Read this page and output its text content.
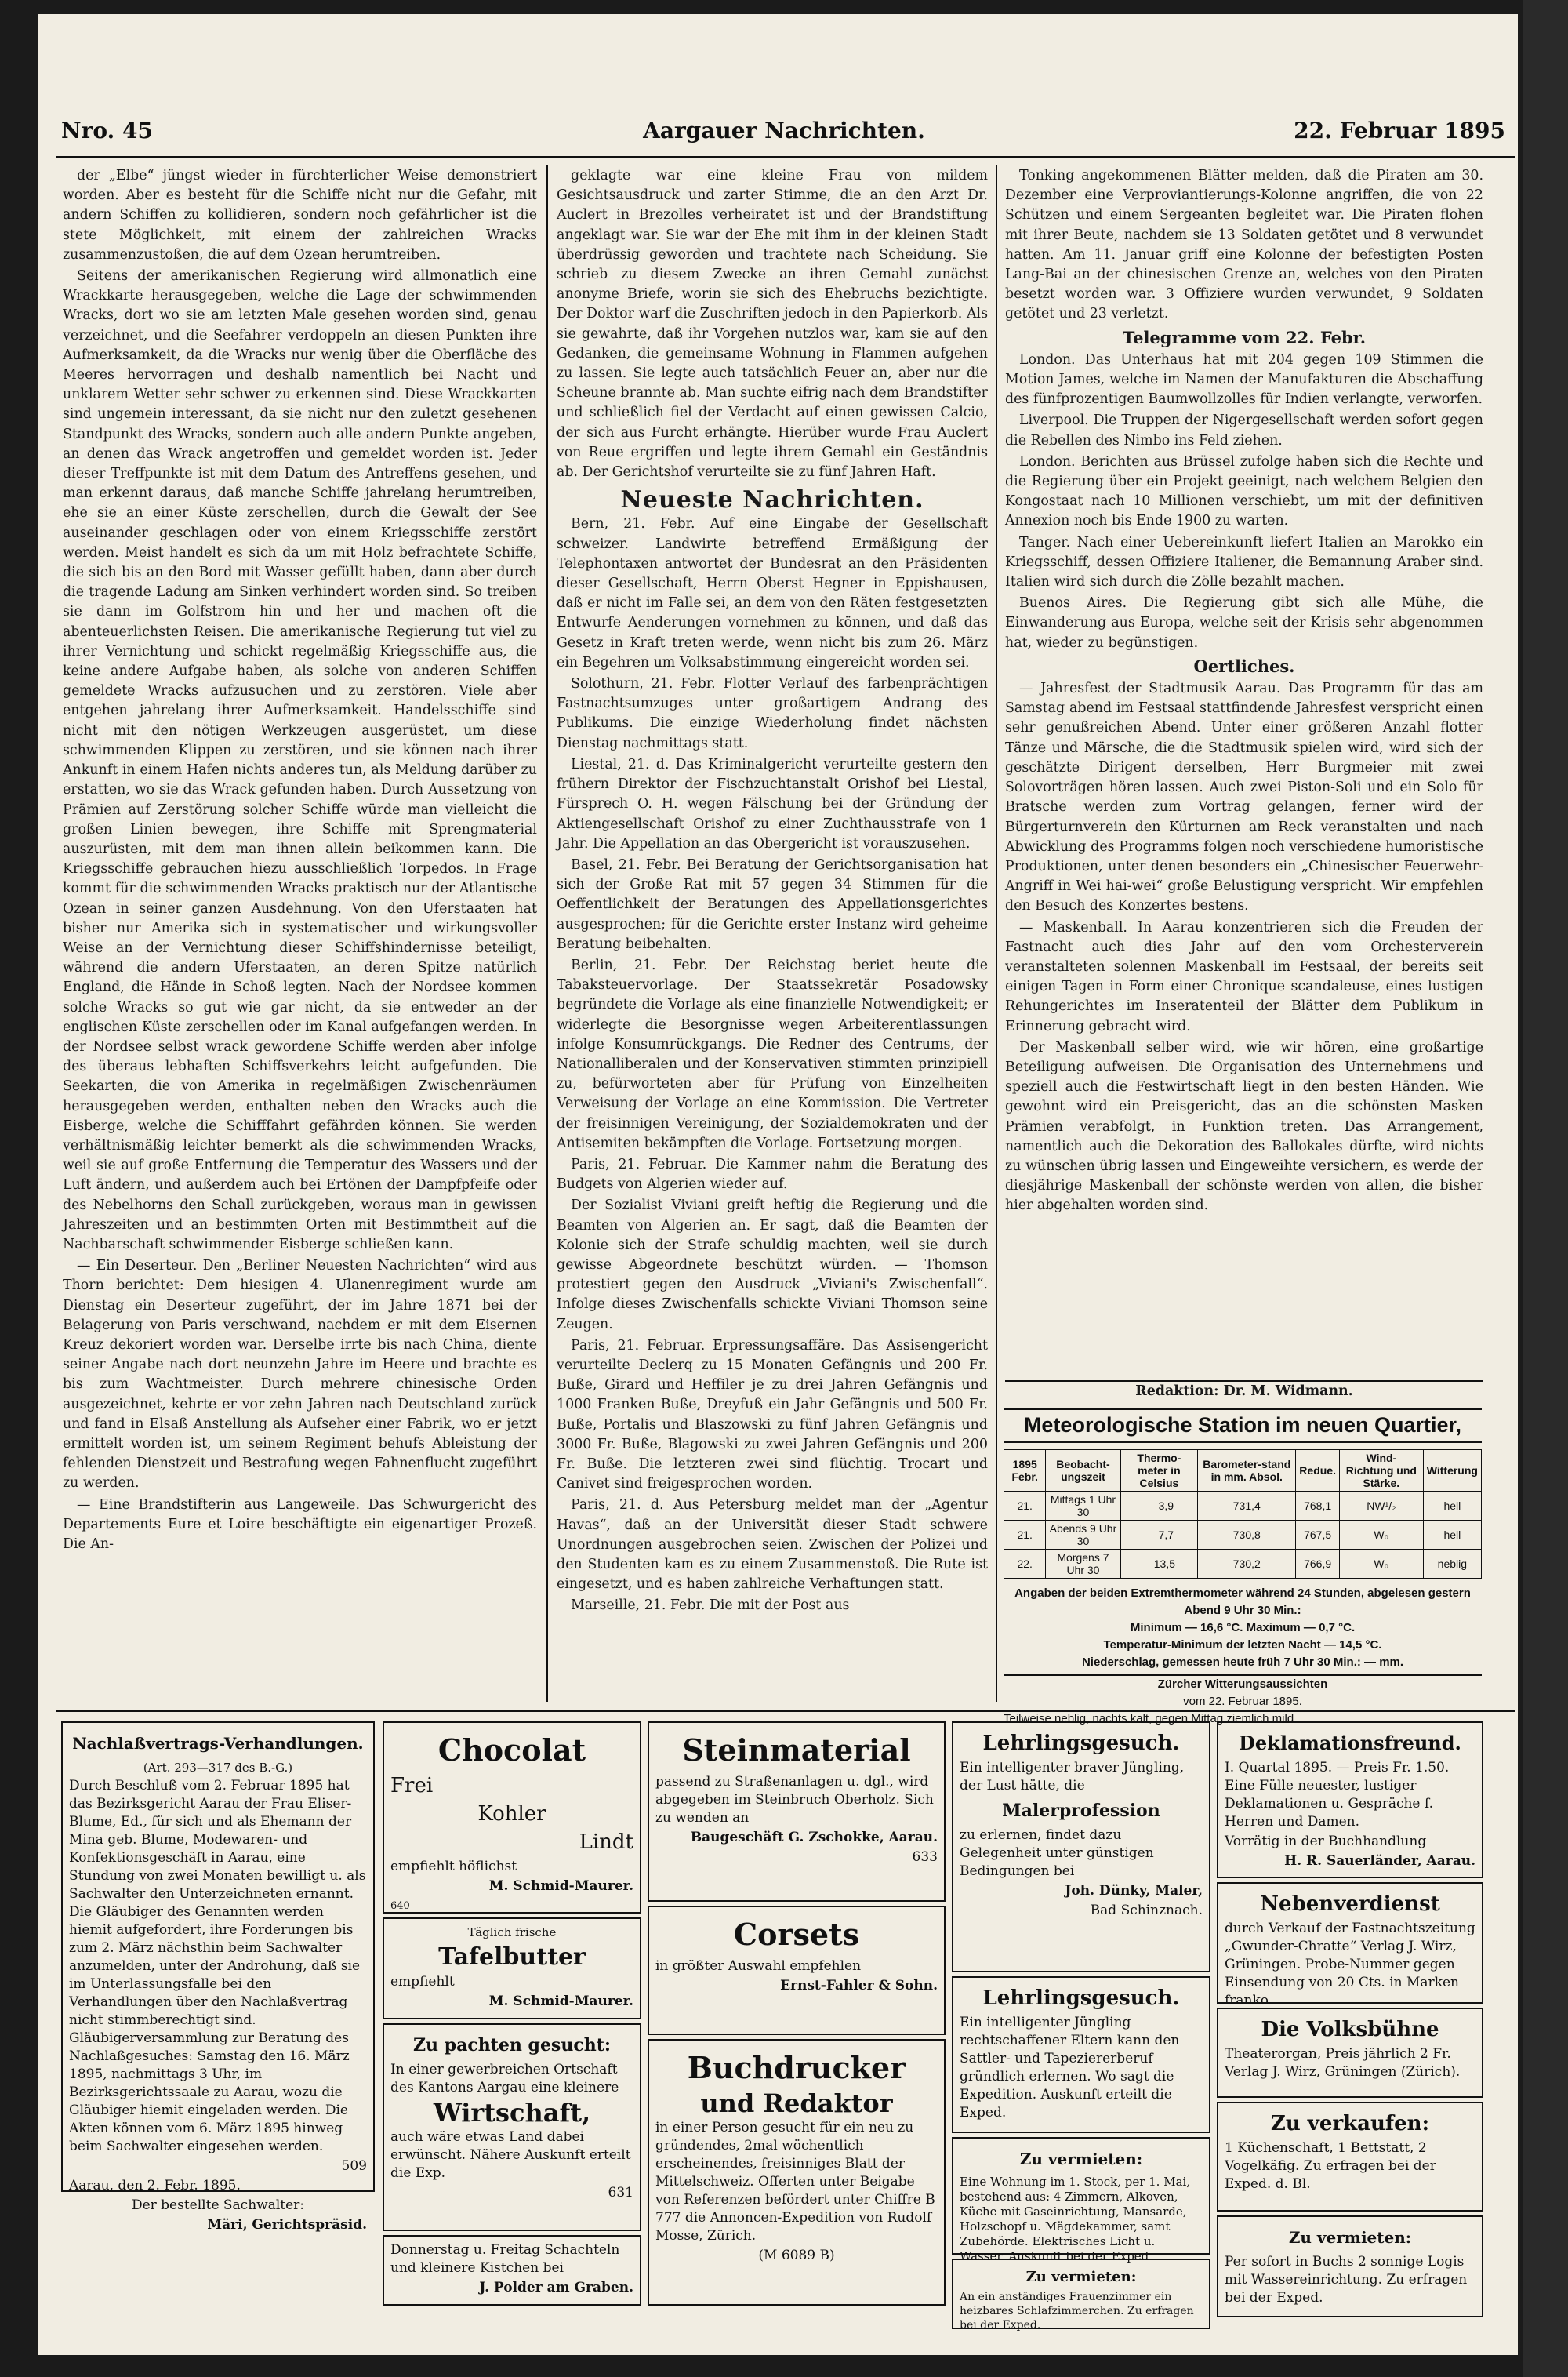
Nro. 45	Aargauer Nachrichten.	22. Februar 1895

der „Elbe“ jüngst wieder in fürchterlicher Weise demonstriert worden. Aber es besteht für die Schiffe nicht nur die Gefahr, mit andern Schiffen zu kollidieren, sondern noch gefährlicher ist die stete Möglichkeit, mit einem der zahlreichen Wracks zusammenzustoßen, die auf dem Ozean herumtreiben.

Seitens der amerikanischen Regierung wird allmonatlich eine Wrackkarte herausgegeben, welche die Lage der schwimmenden Wracks, dort wo sie am letzten Male gesehen worden sind, genau verzeichnet, und die Seefahrer verdoppeln an diesen Punkten ihre Aufmerksamkeit, da die Wracks nur wenig über die Oberfläche des Meeres hervorragen und deshalb namentlich bei Nacht und unklarem Wetter sehr schwer zu erkennen sind. Diese Wrackkarten sind ungemein interessant, da sie nicht nur den zuletzt gesehenen Standpunkt des Wracks, sondern auch alle andern Punkte angeben, an denen das Wrack angetroffen und gemeldet worden ist. Jeder dieser Treffpunkte ist mit dem Datum des Antreffens gesehen, und man erkennt daraus, daß manche Schiffe jahrelang herumtreiben, ehe sie an einer Küste zerschellen, durch die Gewalt der See auseinander geschlagen oder von einem Kriegsschiffe zerstört werden. Meist handelt es sich da um mit Holz befrachtete Schiffe, die sich bis an den Bord mit Wasser gefüllt haben, dann aber durch die tragende Ladung am Sinken verhindert worden sind. So treiben sie dann im Golfstrom hin und her und machen oft die abenteuerlichsten Reisen. Die amerikanische Regierung tut viel zu ihrer Vernichtung und schickt regelmäßig Kriegsschiffe aus, die keine andere Aufgabe haben, als solche von anderen Schiffen gemeldete Wracks aufzusuchen und zu zerstören. Viele aber entgehen jahrelang ihrer Aufmerksamkeit. Handelsschiffe sind nicht mit den nötigen Werkzeugen ausgerüstet, um diese schwimmenden Klippen zu zerstören, und sie können nach ihrer Ankunft in einem Hafen nichts anderes tun, als Meldung darüber zu erstatten, wo sie das Wrack gefunden haben. Durch Aussetzung von Prämien auf Zerstörung solcher Schiffe würde man vielleicht die großen Linien bewegen, ihre Schiffe mit Sprengmaterial auszurüsten, mit dem man ihnen allein beikommen kann. Die Kriegsschiffe gebrauchen hiezu ausschließlich Torpedos. In Frage kommt für die schwimmenden Wracks praktisch nur der Atlantische Ozean in seiner ganzen Ausdehnung. Von den Uferstaaten hat bisher nur Amerika sich in systematischer und wirkungsvoller Weise an der Vernichtung dieser Schiffshindernisse beteiligt, während die andern Uferstaaten, an deren Spitze natürlich England, die Hände in Schoß legten. Nach der Nordsee kommen solche Wracks so gut wie gar nicht, da sie entweder an der englischen Küste zerschellen oder im Kanal aufgefangen werden. In der Nordsee selbst wrack gewordene Schiffe werden aber infolge des überaus lebhaften Schiffsverkehrs leicht aufgefunden. Die Seekarten, die von Amerika in regelmäßigen Zwischenräumen herausgegeben werden, enthalten neben den Wracks auch die Eisberge, welche die Schifffahrt gefährden können. Sie werden verhältnismäßig leichter bemerkt als die schwimmenden Wracks, weil sie auf große Entfernung die Temperatur des Wassers und der Luft ändern, und außerdem auch bei Ertönen der Dampfpfeife oder des Nebelhorns den Schall zurückgeben, woraus man in gewissen Jahreszeiten und an bestimmten Orten mit Bestimmtheit auf die Nachbarschaft schwimmender Eisberge schließen kann.

— Ein Deserteur. Den „Berliner Neuesten Nachrichten“ wird aus Thorn berichtet: Dem hiesigen 4. Ulanenregiment wurde am Dienstag ein Deserteur zugeführt, der im Jahre 1871 bei der Belagerung von Paris verschwand, nachdem er mit dem Eisernen Kreuz dekoriert worden war. Derselbe irrte bis nach China, diente seiner Angabe nach dort neunzehn Jahre im Heere und brachte es bis zum Wachtmeister. Durch mehrere chinesische Orden ausgezeichnet, kehrte er vor zehn Jahren nach Deutschland zurück und fand in Elsaß Anstellung als Aufseher einer Fabrik, wo er jetzt ermittelt worden ist, um seinem Regiment behufs Ableistung der fehlenden Dienstzeit und Bestrafung wegen Fahnenflucht zugeführt zu werden.

— Eine Brandstifterin aus Langeweile. Das Schwurgericht des Departements Eure et Loire beschäftigte ein eigenartiger Prozeß. Die An-

geklagte war eine kleine Frau von mildem Gesichtsausdruck und zarter Stimme, die an den Arzt Dr. Auclert in Brezolles verheiratet ist und der Brandstiftung angeklagt war. Sie war der Ehe mit ihm in der kleinen Stadt überdrüssig geworden und trachtete nach Scheidung. Sie schrieb zu diesem Zwecke an ihren Gemahl zunächst anonyme Briefe, worin sie sich des Ehebruchs bezichtigte. Der Doktor warf die Zuschriften jedoch in den Papierkorb. Als sie gewahrte, daß ihr Vorgehen nutzlos war, kam sie auf den Gedanken, die gemeinsame Wohnung in Flammen aufgehen zu lassen. Sie legte auch tatsächlich Feuer an, aber nur die Scheune brannte ab. Man suchte eifrig nach dem Brandstifter und schließlich fiel der Verdacht auf einen gewissen Calcio, der sich aus Furcht erhängte. Hierüber wurde Frau Auclert von Reue ergriffen und legte ihrem Gemahl ein Geständnis ab. Der Gerichtshof verurteilte sie zu fünf Jahren Haft.

Neueste Nachrichten.

Bern, 21. Febr. Auf eine Eingabe der Gesellschaft schweizer. Landwirte betreffend Ermäßigung der Telephontaxen antwortet der Bundesrat an den Präsidenten dieser Gesellschaft, Herrn Oberst Hegner in Eppishausen, daß er nicht im Falle sei, an dem von den Räten festgesetzten Entwurfe Aenderungen vornehmen zu können, und daß das Gesetz in Kraft treten werde, wenn nicht bis zum 26. März ein Begehren um Volksabstimmung eingereicht worden sei.

Solothurn, 21. Febr. Flotter Verlauf des farbenprächtigen Fastnachtsumzuges unter großartigem Andrang des Publikums. Die einzige Wiederholung findet nächsten Dienstag nachmittags statt.

Liestal, 21. d. Das Kriminalgericht verurteilte gestern den frühern Direktor der Fischzuchtanstalt Orishof bei Liestal, Fürsprech O. H. wegen Fälschung bei der Gründung der Aktiengesellschaft Orishof zu einer Zuchthausstrafe von 1 Jahr. Die Appellation an das Obergericht ist vorauszusehen.

Basel, 21. Febr. Bei Beratung der Gerichtsorganisation hat sich der Große Rat mit 57 gegen 34 Stimmen für die Oeffentlichkeit der Beratungen des Appellationsgerichtes ausgesprochen; für die Gerichte erster Instanz wird geheime Beratung beibehalten.

Berlin, 21. Febr. Der Reichstag beriet heute die Tabaksteuervorlage. Der Staatssekretär Posadowsky begründete die Vorlage als eine finanzielle Notwendigkeit; er widerlegte die Besorgnisse wegen Arbeiterentlassungen infolge Konsumrückgangs. Die Redner des Centrums, der Nationalliberalen und der Konservativen stimmten prinzipiell zu, befürworteten aber für Prüfung von Einzelheiten Verweisung der Vorlage an eine Kommission. Die Vertreter der freisinnigen Vereinigung, der Sozialdemokraten und der Antisemiten bekämpften die Vorlage. Fortsetzung morgen.

Paris, 21. Februar. Die Kammer nahm die Beratung des Budgets von Algerien wieder auf.

Der Sozialist Viviani greift heftig die Regierung und die Beamten von Algerien an. Er sagt, daß die Beamten der Kolonie sich der Strafe schuldig machten, weil sie durch gewisse Abgeordnete beschützt würden. — Thomson protestiert gegen den Ausdruck „Viviani's Zwischenfall“. Infolge dieses Zwischenfalls schickte Viviani Thomson seine Zeugen.

Paris, 21. Februar. Erpressungsaffäre. Das Assisengericht verurteilte Declerq zu 15 Monaten Gefängnis und 200 Fr. Buße, Girard und Heffiler je zu drei Jahren Gefängnis und 1000 Franken Buße, Dreyfuß ein Jahr Gefängnis und 500 Fr. Buße, Portalis und Blaszowski zu fünf Jahren Gefängnis und 3000 Fr. Buße, Blagowski zu zwei Jahren Gefängnis und 200 Fr. Buße. Die letzteren zwei sind flüchtig. Trocart und Canivet sind freigesprochen worden.

Paris, 21. d. Aus Petersburg meldet man der „Agentur Havas“, daß an der Universität dieser Stadt schwere Unordnungen ausgebrochen seien. Zwischen der Polizei und den Studenten kam es zu einem Zusammenstoß. Die Rute ist eingesetzt, und es haben zahlreiche Verhaftungen statt.

Marseille, 21. Febr. Die mit der Post aus

Tonking angekommenen Blätter melden, daß die Piraten am 30. Dezember eine Verproviantierungs-Kolonne angriffen, die von 22 Schützen und einem Sergeanten begleitet war. Die Piraten flohen mit ihrer Beute, nachdem sie 13 Soldaten getötet und 8 verwundet hatten. Am 11. Januar griff eine Kolonne der befestigten Posten Lang-Bai an der chinesischen Grenze an, welches von den Piraten besetzt worden war. 3 Offiziere wurden verwundet, 9 Soldaten getötet und 23 verletzt.

Telegramme vom 22. Febr.

London. Das Unterhaus hat mit 204 gegen 109 Stimmen die Motion James, welche im Namen der Manufakturen die Abschaffung des fünfprozentigen Baumwollzolles für Indien verlangte, verworfen.

Liverpool. Die Truppen der Nigergesellschaft werden sofort gegen die Rebellen des Nimbo ins Feld ziehen.

London. Berichten aus Brüssel zufolge haben sich die Rechte und die Regierung über ein Projekt geeinigt, nach welchem Belgien den Kongostaat nach 10 Millionen verschiebt, um mit der definitiven Annexion noch bis Ende 1900 zu warten.

Tanger. Nach einer Uebereinkunft liefert Italien an Marokko ein Kriegsschiff, dessen Offiziere Italiener, die Bemannung Araber sind. Italien wird sich durch die Zölle bezahlt machen.

Buenos Aires. Die Regierung gibt sich alle Mühe, die Einwanderung aus Europa, welche seit der Krisis sehr abgenommen hat, wieder zu begünstigen.

Oertliches.

— Jahresfest der Stadtmusik Aarau. Das Programm für das am Samstag abend im Festsaal stattfindende Jahresfest verspricht einen sehr genußreichen Abend. Unter einer größeren Anzahl flotter Tänze und Märsche, die die Stadtmusik spielen wird, wird sich der geschätzte Dirigent derselben, Herr Burgmeier mit zwei Solovorträgen hören lassen. Auch zwei Piston-Soli und ein Solo für Bratsche werden zum Vortrag gelangen, ferner wird der Bürgerturnverein den Kürturnen am Reck veranstalten und nach Abwicklung des Programms folgen noch verschiedene humoristische Produktionen, unter denen besonders ein „Chinesischer Feuerwehr-Angriff in Wei hai-wei“ große Belustigung verspricht. Wir empfehlen den Besuch des Konzertes bestens.

— Maskenball. In Aarau konzentrieren sich die Freuden der Fastnacht auch dies Jahr auf den vom Orchesterverein veranstalteten solennen Maskenball im Festsaal, der bereits seit einigen Tagen in Form einer Chronique scandaleuse, eines lustigen Rehungerichtes im Inseratenteil der Blätter dem Publikum in Erinnerung gebracht wird.

Der Maskenball selber wird, wie wir hören, eine großartige Beteiligung aufweisen. Die Organisation des Unternehmens und speziell auch die Festwirtschaft liegt in den besten Händen. Wie gewohnt wird ein Preisgericht, das an die schönsten Masken Prämien verabfolgt, in Funktion treten. Das Arrangement, namentlich auch die Dekoration des Ballokales dürfte, wird nichts zu wünschen übrig lassen und Eingeweihte versichern, es werde der diesjährige Maskenball der schönste werden von allen, die bisher hier abgehalten worden sind.

Redaktion: Dr. M. Widmann.

Meteorologische Station im neuen Quartier,
1895 Febr.	Beobacht-ungszeit	Thermo-meter in Celsius	Barometer-stand in mm. Absol.	Redue.	Wind-Richtung und Stärke.	Witterung
21.	Mittags 1 Uhr 30	— 3,9	731,4	768,1	NW¹/₂	hell
21.	Abends 9 Uhr 30	— 7,7	730,8	767,5	W₀	hell
22.	Morgens 7 Uhr 30	—13,5	730,2	766,9	W₀	neblig
Angaben der beiden Extremthermometer während 24 Stunden, abgelesen gestern Abend 9 Uhr 30 Min.:
Minimum — 16,6 °C. Maximum — 0,7 °C.
Temperatur-Minimum der letzten Nacht — 14,5 °C.
Niederschlag, gemessen heute früh 7 Uhr 30 Min.: — mm.
Zürcher Witterungsaussichten
vom 22. Februar 1895.
Teilweise neblig, nachts kalt, gegen Mittag ziemlich mild.
Nachlaßvertrags-Verhandlungen.
(Art. 293—317 des B.-G.)

Durch Beschluß vom 2. Februar 1895 hat das Bezirksgericht Aarau der Frau Eliser-Blume, Ed., für sich und als Ehemann der Mina geb. Blume, Modewaren- und Konfektionsgeschäft in Aarau, eine Stundung von zwei Monaten bewilligt u. als Sachwalter den Unterzeichneten ernannt. Die Gläubiger des Genannten werden hiemit aufgefordert, ihre Forderungen bis zum 2. März nächsthin beim Sachwalter anzumelden, unter der Androhung, daß sie im Unterlassungsfalle bei den Verhandlungen über den Nachlaßvertrag nicht stimmberechtigt sind. Gläubigerversammlung zur Beratung des Nachlaßgesuches: Samstag den 16. März 1895, nachmittags 3 Uhr, im Bezirksgerichtssaale zu Aarau, wozu die Gläubiger hiemit eingeladen werden. Die Akten können vom 6. März 1895 hinweg beim Sachwalter eingesehen werden.

509

Aarau, den 2. Febr. 1895.

Der bestellte Sachwalter:

Märi, Gerichtspräsid.

Chocolat
Frei
Kohler
Lindt

empfiehlt höflichst

M. Schmid-Maurer.

640

Täglich frische
Tafelbutter

empfiehlt

M. Schmid-Maurer.

Zu pachten gesucht:

In einer gewerbreichen Ortschaft des Kantons Aargau eine kleinere

Wirtschaft,

auch wäre etwas Land dabei erwünscht. Nähere Auskunft erteilt die Exp.

631

Donnerstag u. Freitag Schachteln und kleinere Kistchen bei

J. Polder am Graben.

Steinmaterial

passend zu Straßenanlagen u. dgl., wird abgegeben im Steinbruch Oberholz. Sich zu wenden an

Baugeschäft G. Zschokke, Aarau.

633

Corsets

in größter Auswahl empfehlen

Ernst-Fahler & Sohn.

Buchdrucker
und Redaktor

in einer Person gesucht für ein neu zu gründendes, 2mal wöchentlich erscheinendes, freisinniges Blatt der Mittelschweiz. Offerten unter Beigabe von Referenzen befördert unter Chiffre B 777 die Annoncen-Expedition von Rudolf Mosse, Zürich.

(M 6089 B)

Lehrlingsgesuch.

Ein intelligenter braver Jüngling, der Lust hätte, die

Malerprofession

zu erlernen, findet dazu Gelegenheit unter günstigen Bedingungen bei

Joh. Dünky, Maler,

Bad Schinznach.

Lehrlingsgesuch.

Ein intelligenter Jüngling rechtschaffener Eltern kann den Sattler- und Tapeziererberuf gründlich erlernen. Wo sagt die Expedition. Auskunft erteilt die Exped.

Zu vermieten:

Eine Wohnung im 1. Stock, per 1. Mai, bestehend aus: 4 Zimmern, Alkoven, Küche mit Gaseinrichtung, Mansarde, Holzschopf u. Mägdekammer, samt Zubehörde. Elektrisches Licht u. Wasser. Auskunft bei der Exped.

Zu vermieten:

An ein anständiges Frauenzimmer ein heizbares Schlafzimmerchen. Zu erfragen bei der Exped.

Deklamationsfreund.

I. Quartal 1895. — Preis Fr. 1.50. Eine Fülle neuester, lustiger Deklamationen u. Gespräche f. Herren und Damen.

Vorrätig in der Buchhandlung

H. R. Sauerländer, Aarau.

Nebenverdienst

durch Verkauf der Fastnachtszeitung „Gwunder-Chratte“ Verlag J. Wirz, Grüningen. Probe-Nummer gegen Einsendung von 20 Cts. in Marken franko.

Die Volksbühne

Theaterorgan, Preis jährlich 2 Fr. Verlag J. Wirz, Grüningen (Zürich).

Zu verkaufen:

1 Küchenschaft, 1 Bettstatt, 2 Vogelkäfig. Zu erfragen bei der Exped. d. Bl.

Zu vermieten:

Per sofort in Buchs 2 sonnige Logis mit Wassereinrichtung. Zu erfragen bei der Exped.
